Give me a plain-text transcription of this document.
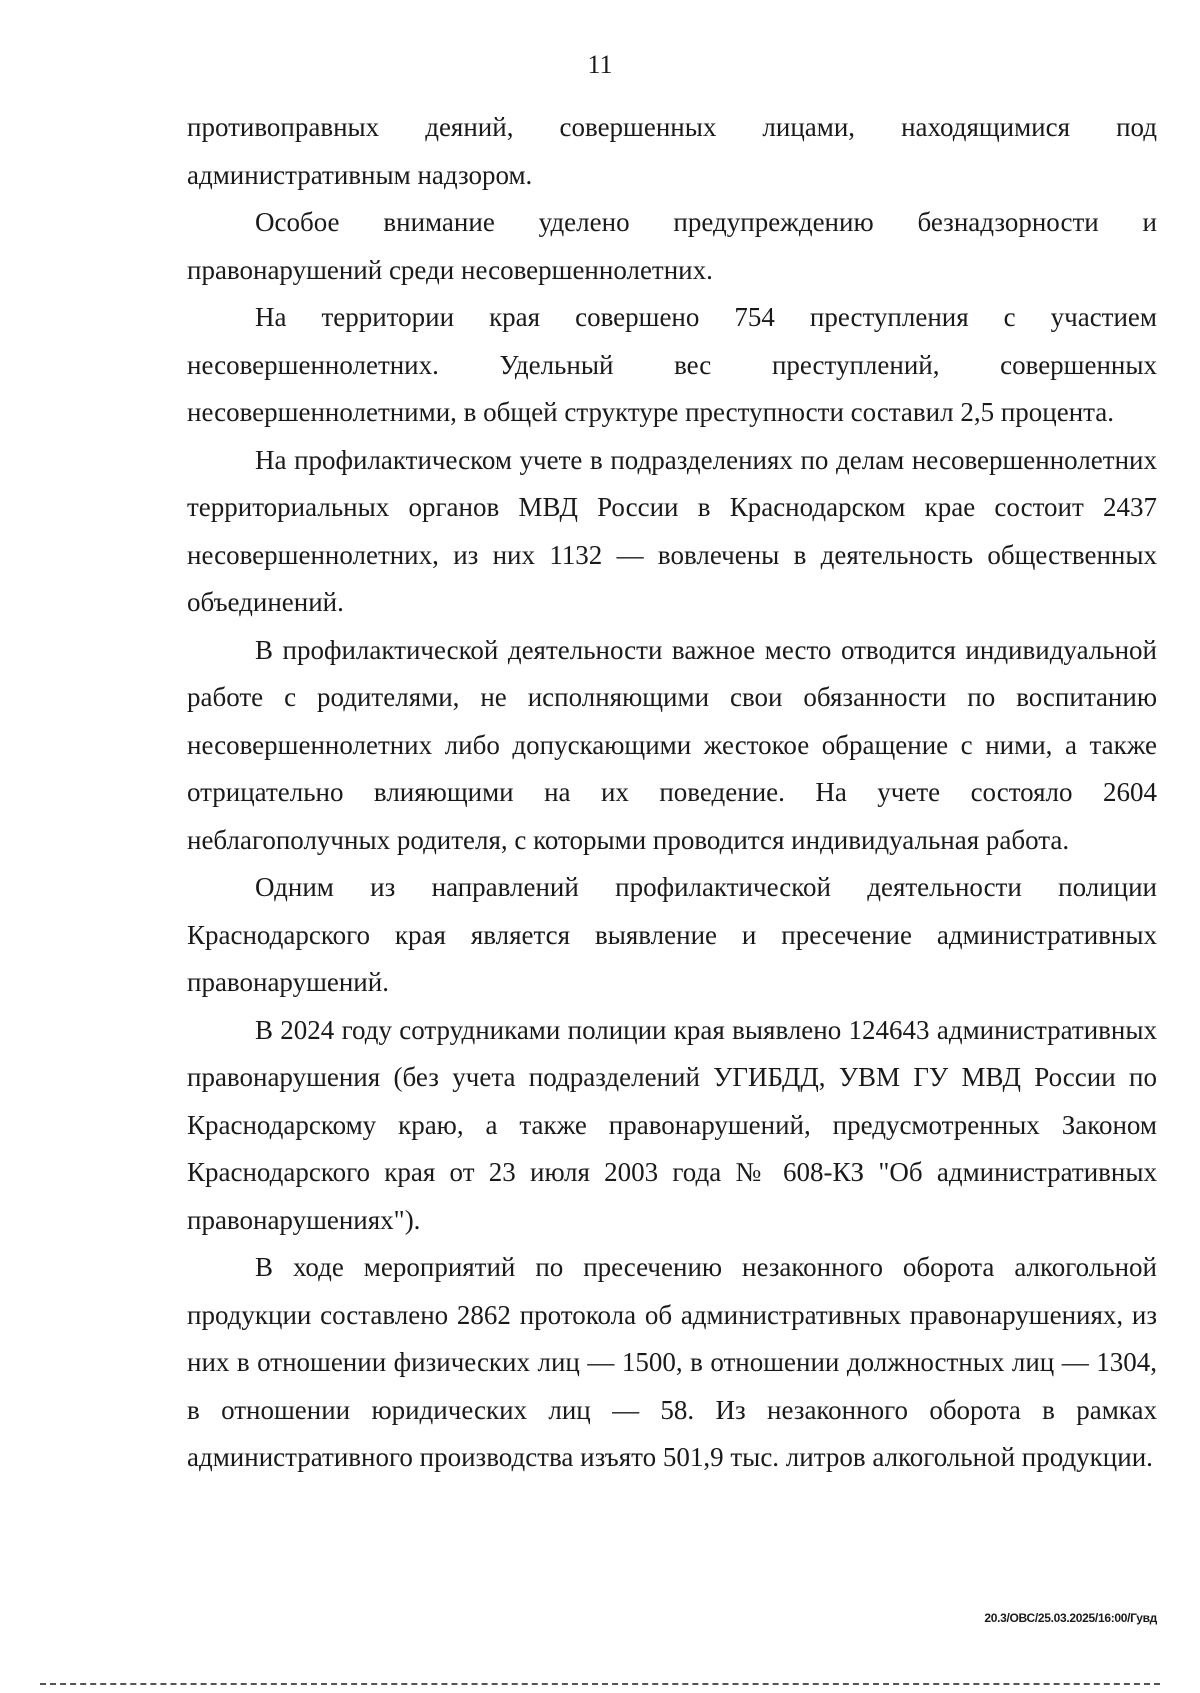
11

противоправных деяний, совершенных лицами, находящимися под административным надзором.

Особое внимание уделено предупреждению безнадзорности и правонарушений среди несовершеннолетних.

На территории края совершено 754 преступления с участием несовершеннолетних. Удельный вес преступлений, совершенных несовершеннолетними, в общей структуре преступности составил 2,5 процента.

На профилактическом учете в подразделениях по делам несовершеннолетних территориальных органов МВД России в Краснодарском крае состоит 2437 несовершеннолетних, из них 1132 — вовлечены в деятельность общественных объединений.

В профилактической деятельности важное место отводится индивидуальной работе с родителями, не исполняющими свои обязанности по воспитанию несовершеннолетних либо допускающими жестокое обращение с ними, а также отрицательно влияющими на их поведение. На учете состояло 2604 неблагополучных родителя, с которыми проводится индивидуальная работа.

Одним из направлений профилактической деятельности полиции Краснодарского края является выявление и пресечение административных правонарушений.

В 2024 году сотрудниками полиции края выявлено 124643 административных правонарушения (без учета подразделений УГИБДД, УВМ ГУ МВД России по Краснодарскому краю, а также правонарушений, предусмотренных Законом Краснодарского края от 23 июля 2003 года № 608-КЗ "Об административных правонарушениях").

В ходе мероприятий по пресечению незаконного оборота алкогольной продукции составлено 2862 протокола об административных правонарушениях, из них в отношении физических лиц — 1500, в отношении должностных лиц — 1304, в отношении юридических лиц — 58. Из незаконного оборота в рамках административного производства изъято 501,9 тыс. литров алкогольной продукции.

20.3/ОВС/25.03.2025/16:00/Гувд
